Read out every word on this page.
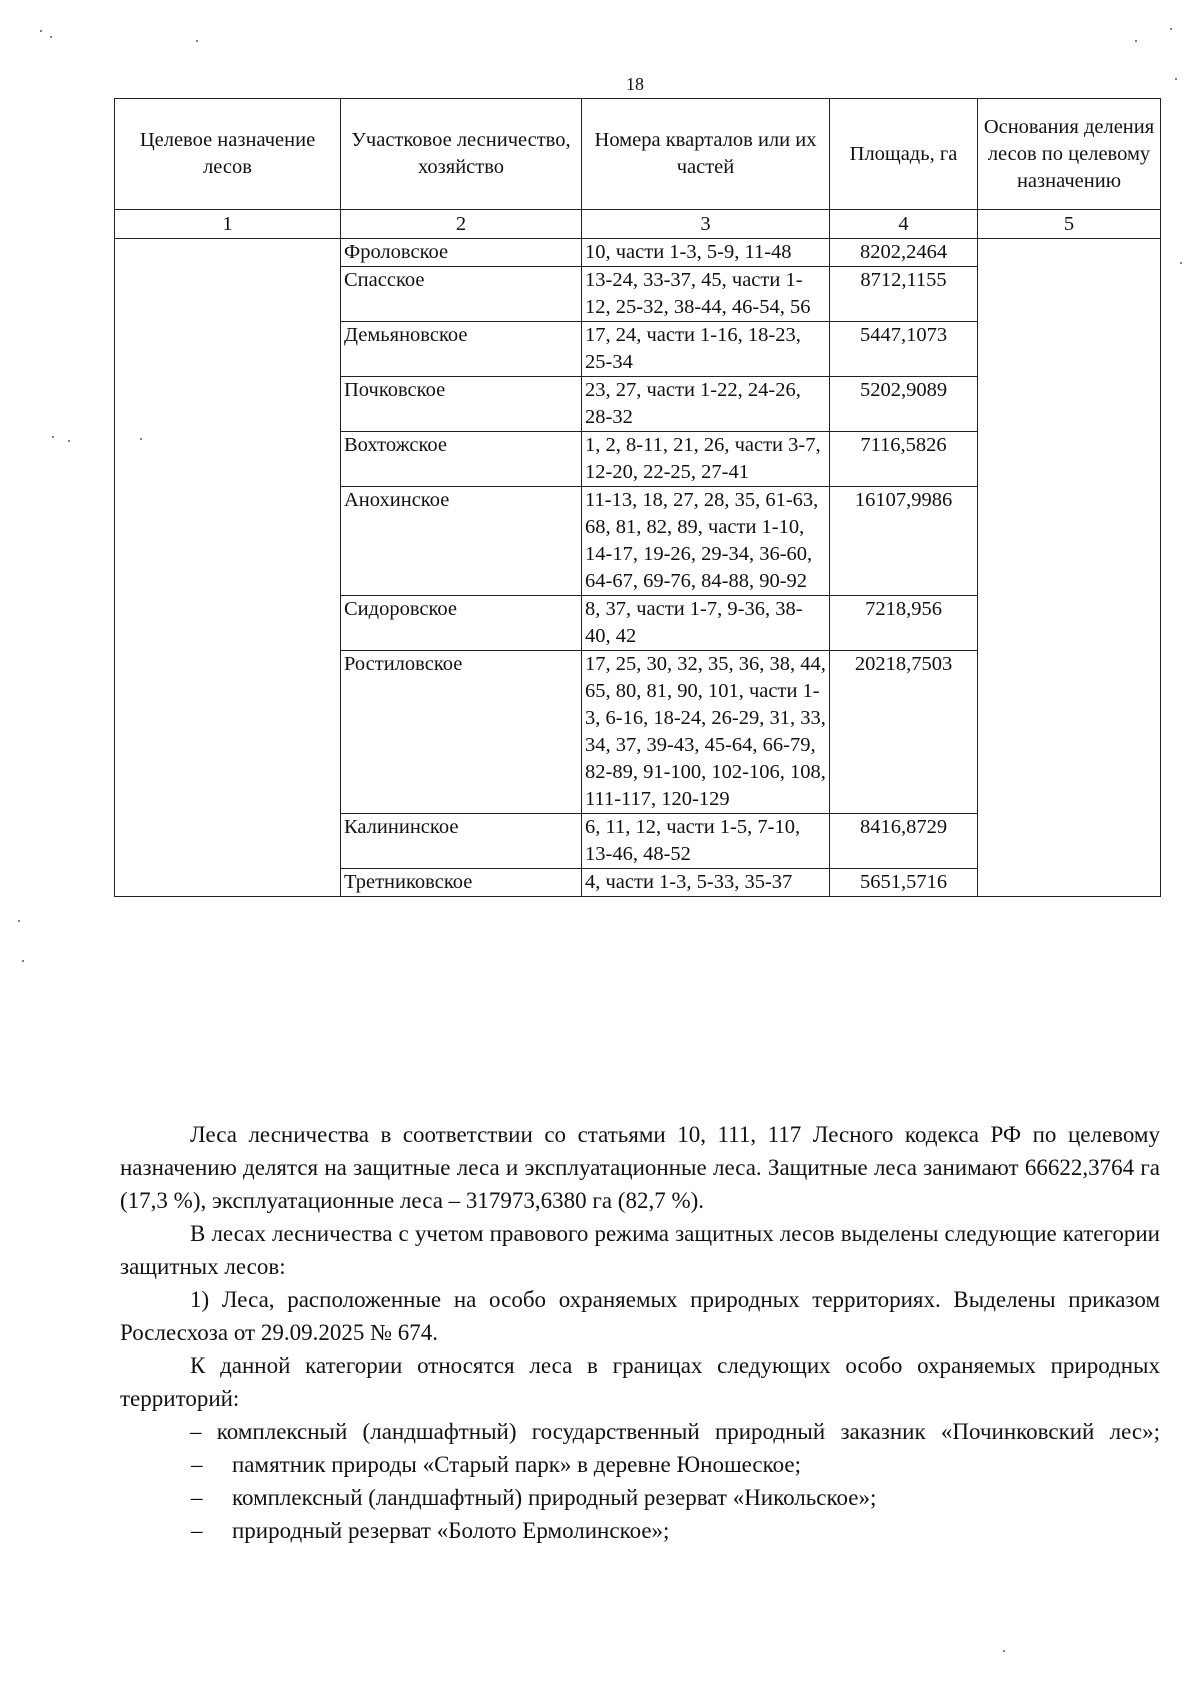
18
Целевое назначение лесов	Участковое лесничество, хозяйство	Номера кварталов или их частей	Площадь, га	Основания деления лесов по целевому назначению
1	2	3	4	5
	Фроловское	10, части 1-3, 5-9, 11-48	8202,2464	
	Спасское	13-24, 33-37, 45, части 1-12, 25-32, 38-44, 46-54, 56	8712,1155	
	Демьяновское	17, 24, части 1-16, 18-23, 25-34	5447,1073	
	Почковское	23, 27, части 1-22, 24-26, 28-32	5202,9089	
	Вохтожское	1, 2, 8-11, 21, 26, части 3-7, 12-20, 22-25, 27-41	7116,5826	
	Анохинское	11-13, 18, 27, 28, 35, 61-63, 68, 81, 82, 89, части 1-10, 14-17, 19-26, 29-34, 36-60, 64-67, 69-76, 84-88, 90-92	16107,9986	
	Сидоровское	8, 37, части 1-7, 9-36, 38-40, 42	7218,956	
	Ростиловское	17, 25, 30, 32, 35, 36, 38, 44, 65, 80, 81, 90, 101, части 1-3, 6-16, 18-24, 26-29, 31, 33, 34, 37, 39-43, 45-64, 66-79, 82-89, 91-100, 102-106, 108, 111-117, 120-129	20218,7503	
	Калининское	6, 11, 12, части 1-5, 7-10, 13-46, 48-52	8416,8729	
	Третниковское	4, части 1-3, 5-33, 35-37	5651,5716	

Леса лесничества в соответствии со статьями 10, 111, 117 Лесного кодекса РФ по целевому назначению делятся на защитные леса и эксплуатационные леса. Защитные леса занимают 66622,3764 га (17,3 %), эксплуатационные леса – 317973,6380 га (82,7 %).

В лесах лесничества с учетом правового режима защитных лесов выделены следующие категории защитных лесов:

1) Леса, расположенные на особо охраняемых природных территориях. Выделены приказом Рослесхоза от 29.09.2025 № 674.

К данной категории относятся леса в границах следующих особо охраняемых природных территорий:

– комплексный (ландшафтный) государственный природный заказник «Починковский лес»;

– памятник природы «Старый парк» в деревне Юношеское;

– комплексный (ландшафтный) природный резерват «Никольское»;

– природный резерват «Болото Ермолинское»;
